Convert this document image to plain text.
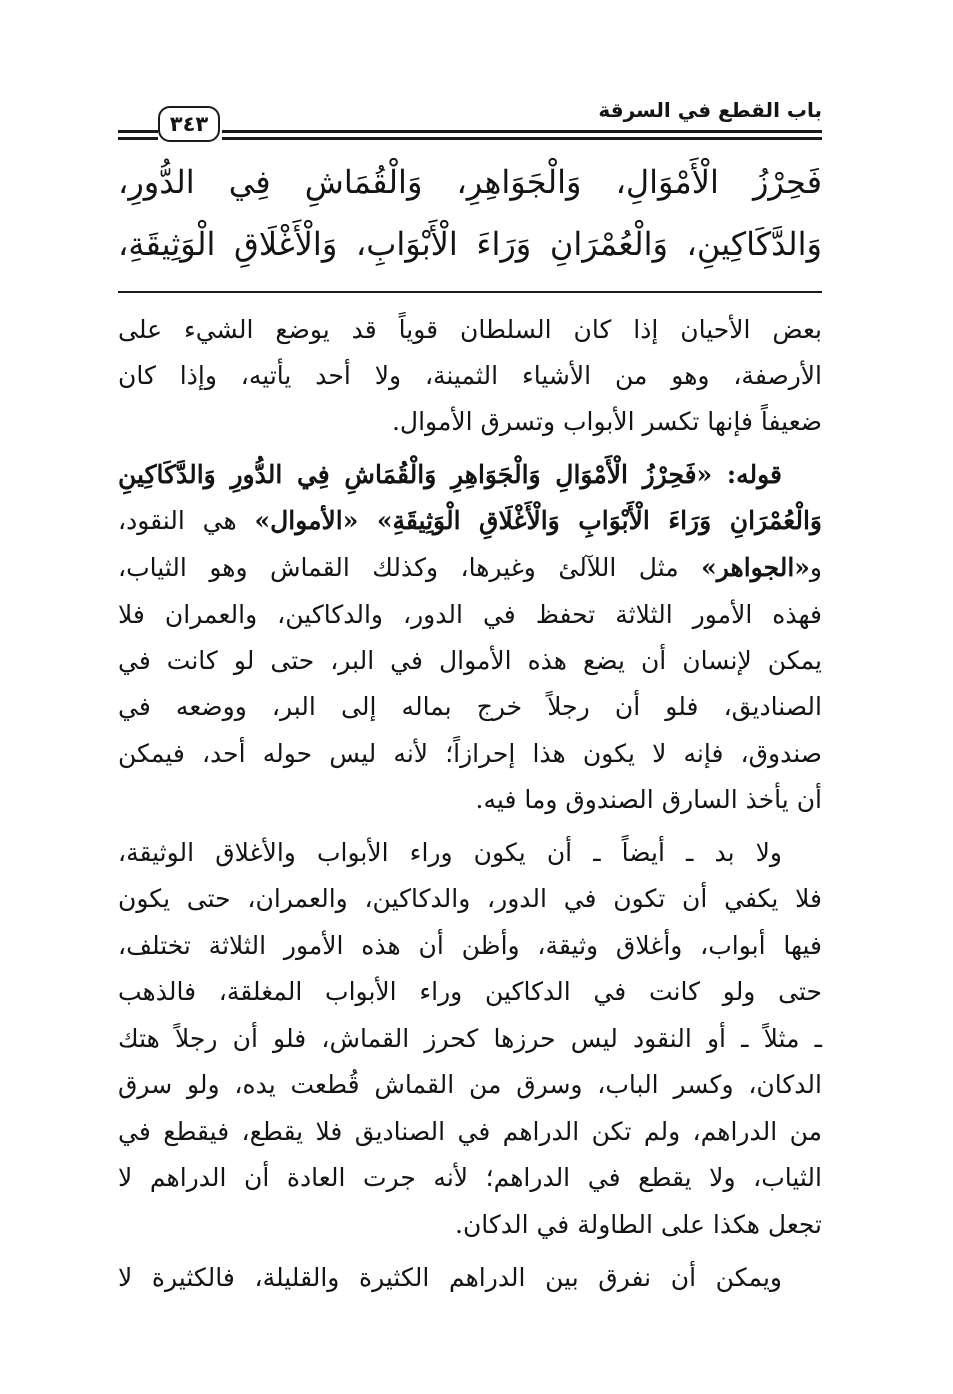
باب القطع في السرقة
٣٤٣
فَحِرْزُ الْأَمْوَالِ، وَالْجَوَاهِرِ، وَالْقُمَاشِ فِي الدُّورِ،
وَالدَّكَاكِينِ، وَالْعُمْرَانِ وَرَاءَ الْأَبْوَابِ، وَالْأَغْلَاقِ الْوَثِيقَةِ،
بعض الأحيان إذا كان السلطان قوياً قد يوضع الشيء على
الأرصفة، وهو من الأشياء الثمينة، ولا أحد يأتيه، وإذا كان
ضعيفاً فإنها تكسر الأبواب وتسرق الأموال.
قوله: «فَحِرْزُ الْأَمْوَالِ وَالْجَوَاهِرِ وَالْقُمَاشِ فِي الدُّورِ وَالدَّكَاكِينِ
وَالْعُمْرَانِ وَرَاءَ الْأَبْوَابِ وَالْأَغْلَاقِ الْوَثِيقَةِ» «الأموال» هي النقود،
و«الجواهر» مثل اللآلئ وغيرها، وكذلك القماش وهو الثياب،
فهذه الأمور الثلاثة تحفظ في الدور، والدكاكين، والعمران فلا
يمكن لإنسان أن يضع هذه الأموال في البر، حتى لو كانت في
الصناديق، فلو أن رجلاً خرج بماله إلى البر، ووضعه في
صندوق، فإنه لا يكون هذا إحرازاً؛ لأنه ليس حوله أحد، فيمكن
أن يأخذ السارق الصندوق وما فيه.
ولا بد ـ أيضاً ـ أن يكون وراء الأبواب والأغلاق الوثيقة،
فلا يكفي أن تكون في الدور، والدكاكين، والعمران، حتى يكون
فيها أبواب، وأغلاق وثيقة، وأظن أن هذه الأمور الثلاثة تختلف،
حتى ولو كانت في الدكاكين وراء الأبواب المغلقة، فالذهب
ـ مثلاً ـ أو النقود ليس حرزها كحرز القماش، فلو أن رجلاً هتك
الدكان، وكسر الباب، وسرق من القماش قُطعت يده، ولو سرق
من الدراهم، ولم تكن الدراهم في الصناديق فلا يقطع، فيقطع في
الثياب، ولا يقطع في الدراهم؛ لأنه جرت العادة أن الدراهم لا
تجعل هكذا على الطاولة في الدكان.
ويمكن أن نفرق بين الدراهم الكثيرة والقليلة، فالكثيرة لا
